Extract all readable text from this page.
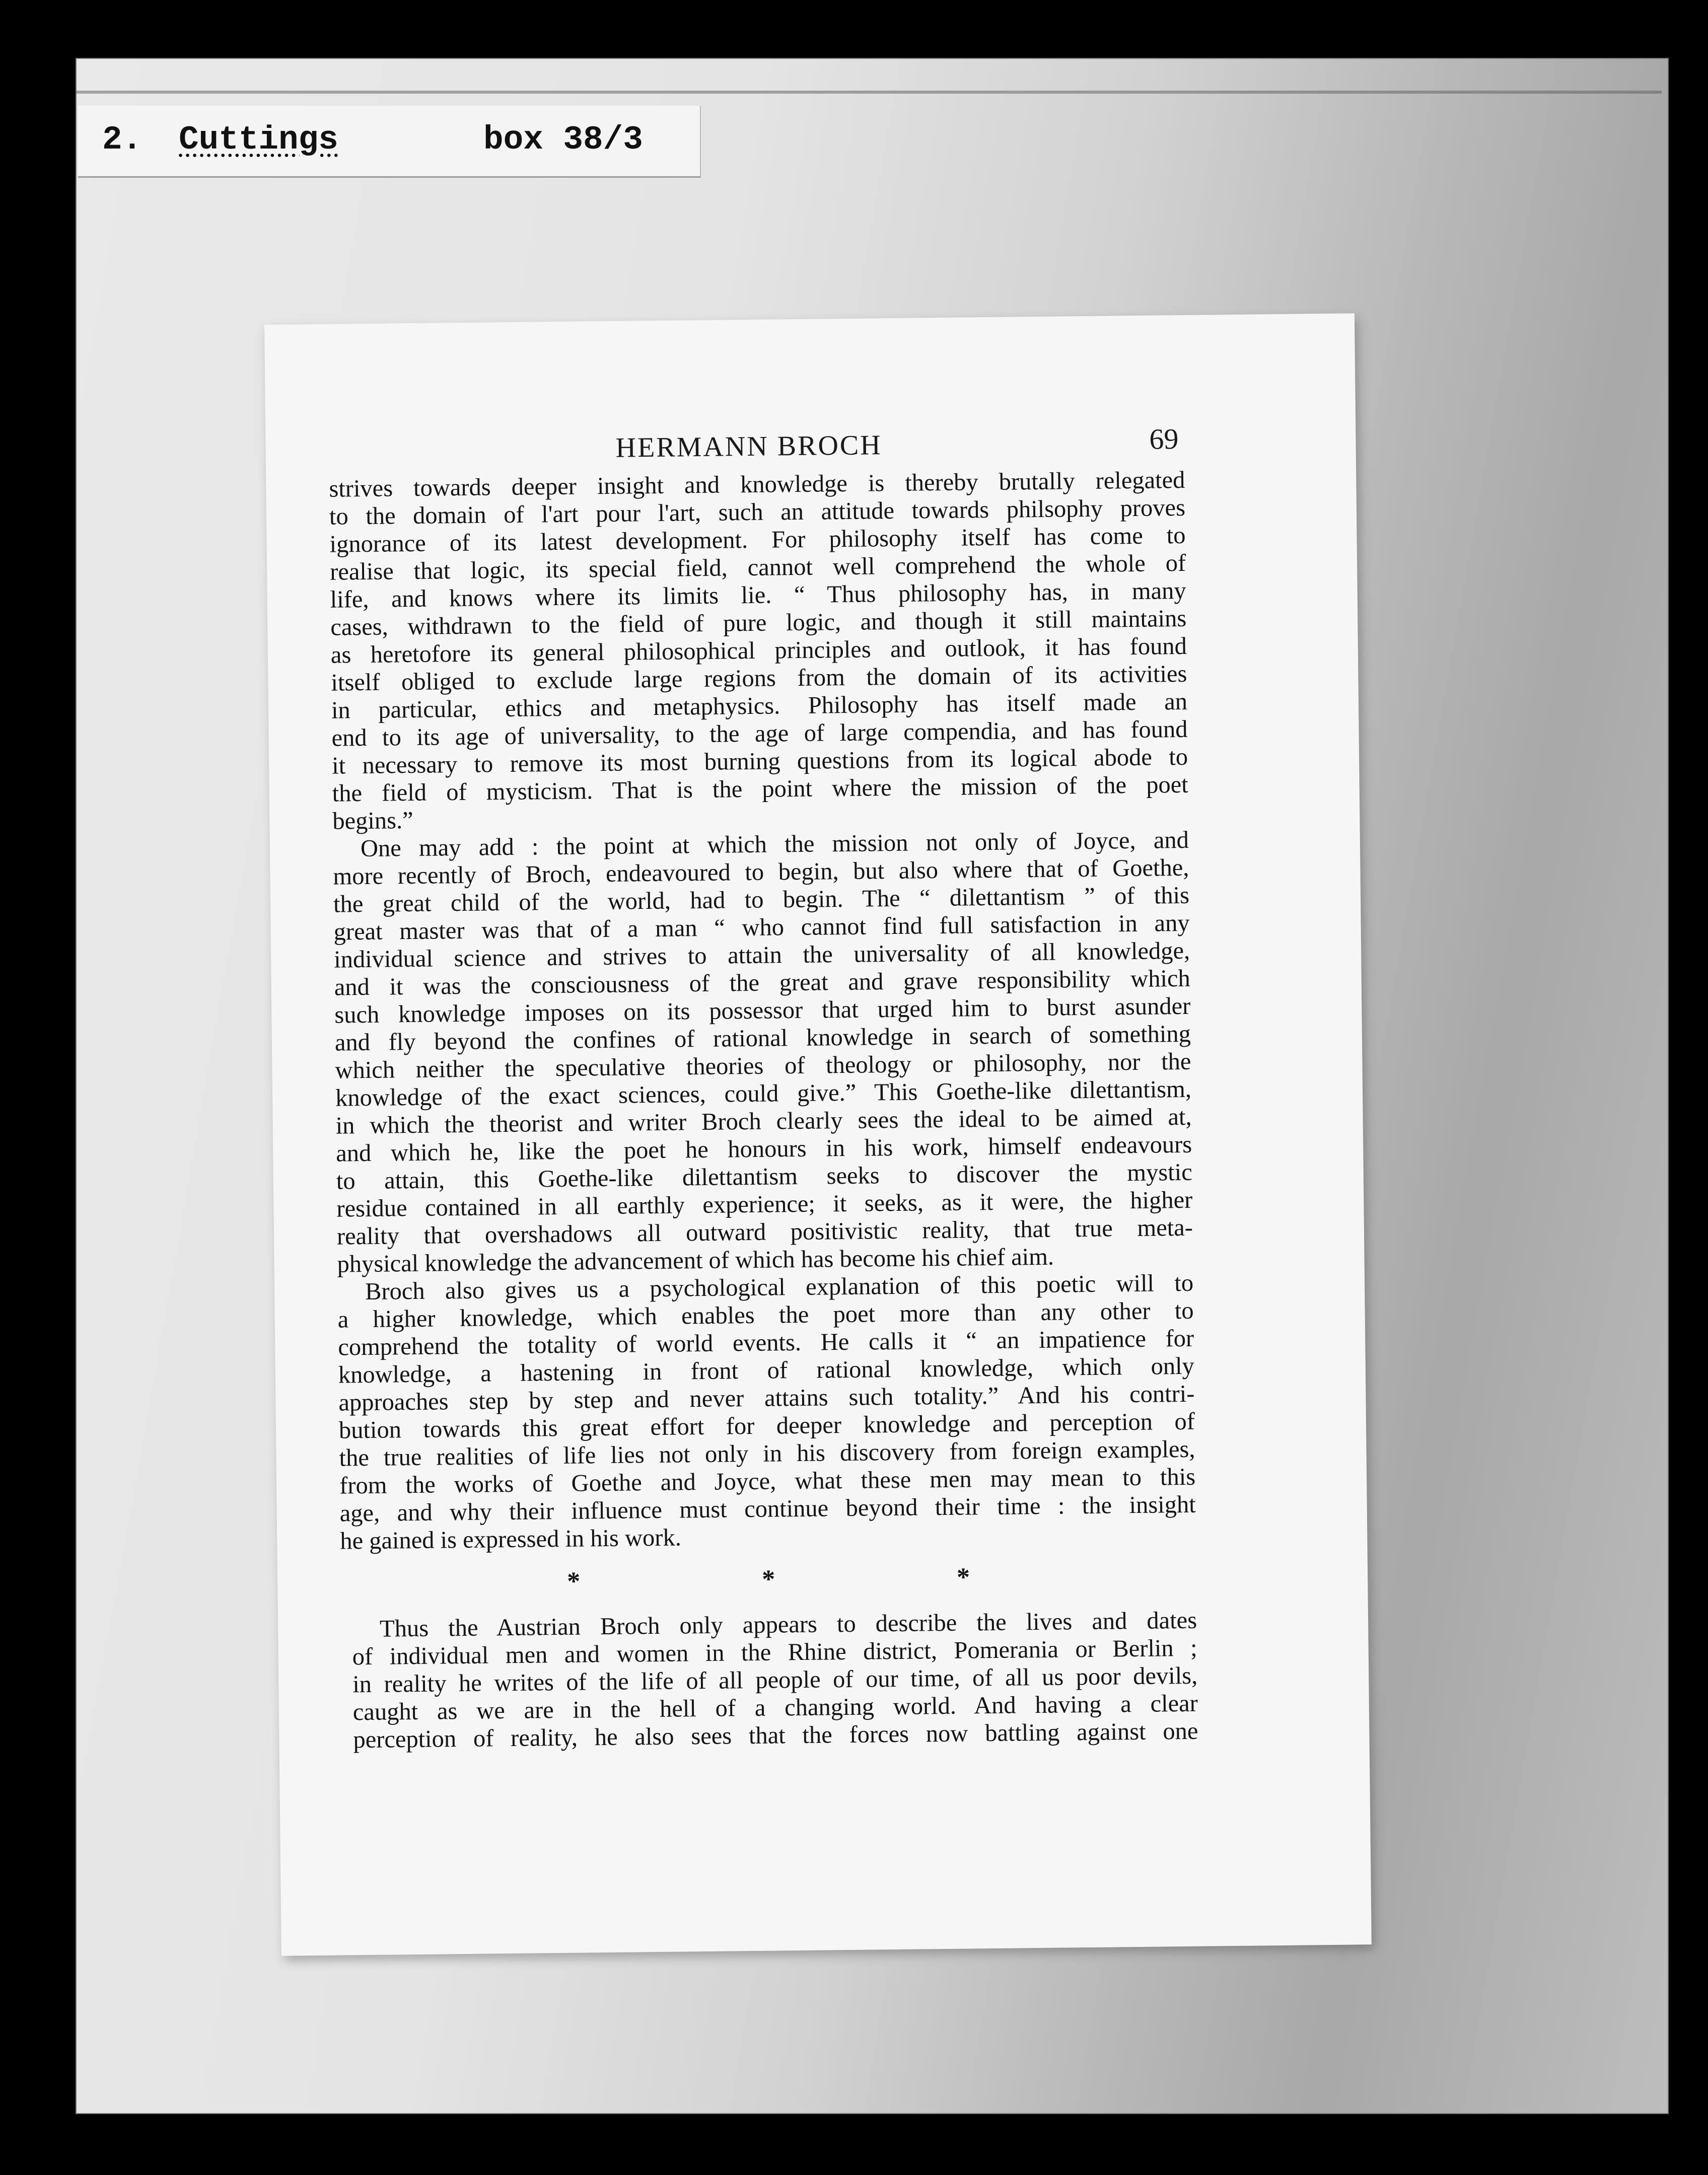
2. Cuttings	box 38/3
HERMANN BROCH	69
strives towards deeper insight and knowledge is thereby brutally relegated
to the domain of l'art pour l'art, such an attitude towards philsophy proves
ignorance of its latest development. For philosophy itself has come to
realise that logic, its special field, cannot well comprehend the whole of
life, and knows where its limits lie. “ Thus philosophy has, in many
cases, withdrawn to the field of pure logic, and though it still maintains
as heretofore its general philosophical principles and outlook, it has found
itself obliged to exclude large regions from the domain of its activities
in particular, ethics and metaphysics. Philosophy has itself made an
end to its age of universality, to the age of large compendia, and has found
it necessary to remove its most burning questions from its logical abode to
the field of mysticism. That is the point where the mission of the poet
begins.”
One may add : the point at which the mission not only of Joyce, and
more recently of Broch, endeavoured to begin, but also where that of Goethe,
the great child of the world, had to begin. The “ dilettantism ” of this
great master was that of a man “ who cannot find full satisfaction in any
individual science and strives to attain the universality of all knowledge,
and it was the consciousness of the great and grave responsibility which
such knowledge imposes on its possessor that urged him to burst asunder
and fly beyond the confines of rational knowledge in search of something
which neither the speculative theories of theology or philosophy, nor the
knowledge of the exact sciences, could give.” This Goethe-like dilettantism,
in which the theorist and writer Broch clearly sees the ideal to be aimed at,
and which he, like the poet he honours in his work, himself endeavours
to attain, this Goethe-like dilettantism seeks to discover the mystic
residue contained in all earthly experience; it seeks, as it were, the higher
reality that overshadows all outward positivistic reality, that true meta-
physical knowledge the advancement of which has become his chief aim.
Broch also gives us a psychological explanation of this poetic will to
a higher knowledge, which enables the poet more than any other to
comprehend the totality of world events. He calls it “ an impatience for
knowledge, a hastening in front of rational knowledge, which only
approaches step by step and never attains such totality.” And his contri-
bution towards this great effort for deeper knowledge and perception of
the true realities of life lies not only in his discovery from foreign examples,
from the works of Goethe and Joyce, what these men may mean to this
age, and why their influence must continue beyond their time : the insight
he gained is expressed in his work.
*	*	*
Thus the Austrian Broch only appears to describe the lives and dates
of individual men and women in the Rhine district, Pomerania or Berlin ;
in reality he writes of the life of all people of our time, of all us poor devils,
caught as we are in the hell of a changing world. And having a clear
perception of reality, he also sees that the forces now battling against one
